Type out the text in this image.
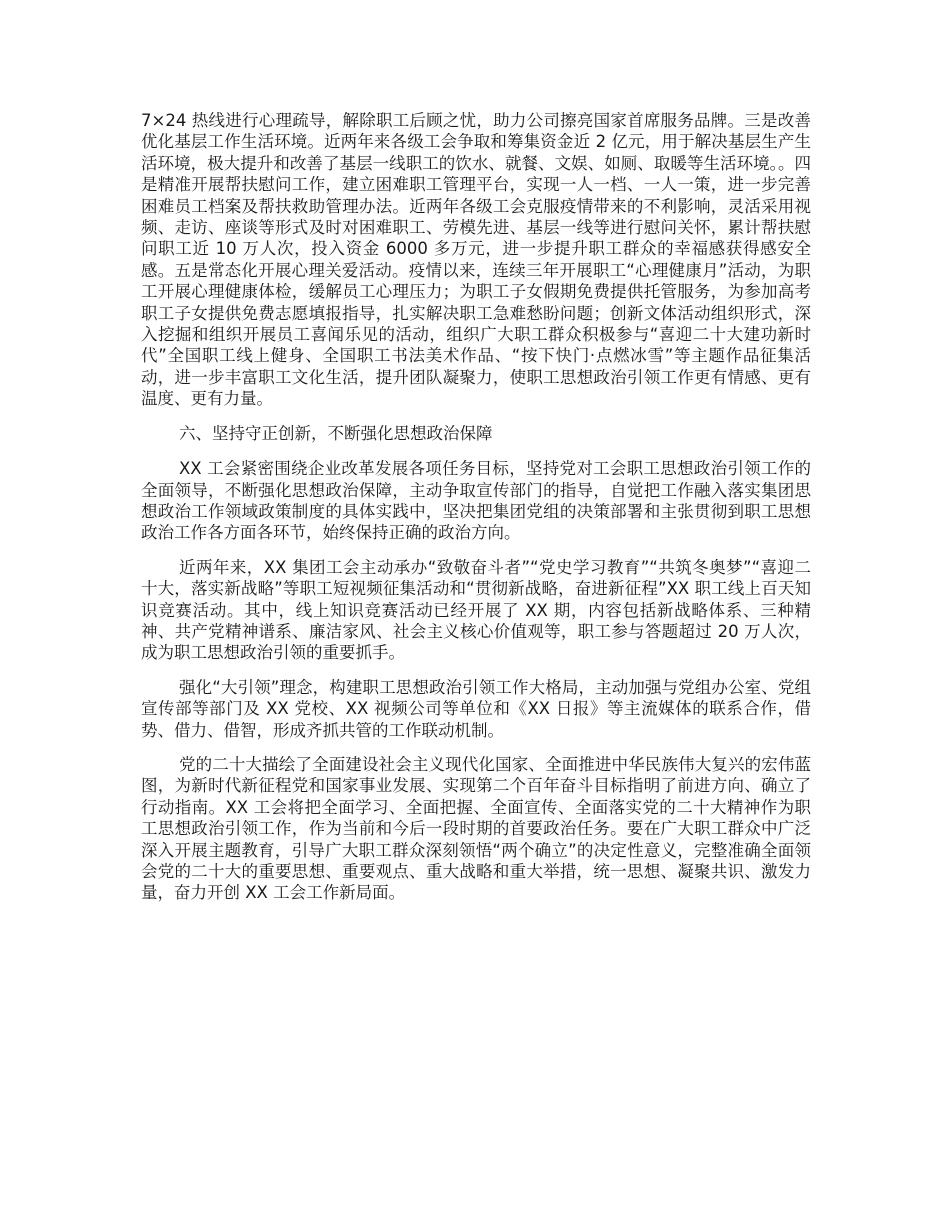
7×24 热线进行心理疏导，解除职工后顾之忧，助力公司擦亮国家首席服务品牌。三是改善优化基层工作生活环境。近两年来各级工会争取和筹集资金近 2 亿元，用于解决基层生产生活环境，极大提升和改善了基层一线职工的饮水、就餐、文娱、如厕、取暖等生活环境。。四是精准开展帮扶慰问工作，建立困难职工管理平台，实现一人一档、一人一策，进一步完善困难员工档案及帮扶救助管理办法。近两年各级工会克服疫情带来的不利影响，灵活采用视频、走访、座谈等形式及时对困难职工、劳模先进、基层一线等进行慰问关怀，累计帮扶慰问职工近 10 万人次，投入资金 6000 多万元，进一步提升职工群众的幸福感获得感安全感。五是常态化开展心理关爱活动。疫情以来，连续三年开展职工“心理健康月”活动，为职工开展心理健康体检，缓解员工心理压力；为职工子女假期免费提供托管服务，为参加高考职工子女提供免费志愿填报指导，扎实解决职工急难愁盼问题；创新文体活动组织形式，深入挖掘和组织开展员工喜闻乐见的活动，组织广大职工群众积极参与“喜迎二十大建功新时代”全国职工线上健身、全国职工书法美术作品、“按下快门·点燃冰雪”等主题作品征集活动，进一步丰富职工文化生活，提升团队凝聚力，使职工思想政治引领工作更有情感、更有温度、更有力量。

六、坚持守正创新，不断强化思想政治保障

XX 工会紧密围绕企业改革发展各项任务目标，坚持党对工会职工思想政治引领工作的全面领导，不断强化思想政治保障，主动争取宣传部门的指导，自觉把工作融入落实集团思想政治工作领域政策制度的具体实践中，坚决把集团党组的决策部署和主张贯彻到职工思想政治工作各方面各环节，始终保持正确的政治方向。

近两年来，XX 集团工会主动承办“致敬奋斗者”“党史学习教育”“共筑冬奥梦”“喜迎二十大，落实新战略”等职工短视频征集活动和“贯彻新战略，奋进新征程”XX 职工线上百天知识竞赛活动。其中，线上知识竞赛活动已经开展了 XX 期，内容包括新战略体系、三种精神、共产党精神谱系、廉洁家风、社会主义核心价值观等，职工参与答题超过 20 万人次，成为职工思想政治引领的重要抓手。

强化“大引领”理念，构建职工思想政治引领工作大格局，主动加强与党组办公室、党组宣传部等部门及 XX 党校、XX 视频公司等单位和《XX 日报》等主流媒体的联系合作，借势、借力、借智，形成齐抓共管的工作联动机制。

党的二十大描绘了全面建设社会主义现代化国家、全面推进中华民族伟大复兴的宏伟蓝图，为新时代新征程党和国家事业发展、实现第二个百年奋斗目标指明了前进方向、确立了行动指南。XX 工会将把全面学习、全面把握、全面宣传、全面落实党的二十大精神作为职工思想政治引领工作，作为当前和今后一段时期的首要政治任务。要在广大职工群众中广泛深入开展主题教育，引导广大职工群众深刻领悟“两个确立”的决定性意义，完整准确全面领会党的二十大的重要思想、重要观点、重大战略和重大举措，统一思想、凝聚共识、激发力量，奋力开创 XX 工会工作新局面。
